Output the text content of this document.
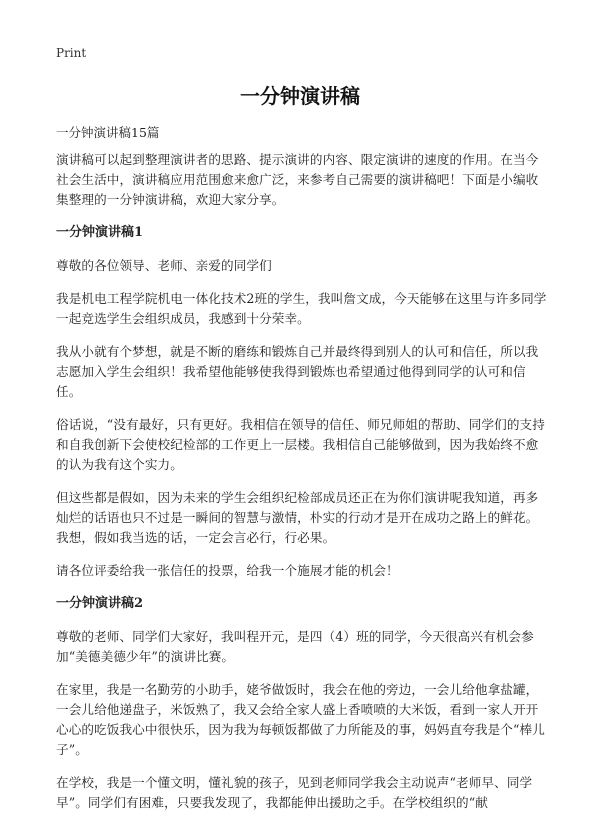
Print
一分钟演讲稿
一分钟演讲稿15篇

演讲稿可以起到整理演讲者的思路、提示演讲的内容、限定演讲的速度的作用。在当今社会生活中，演讲稿应用范围愈来愈广泛，来参考自己需要的演讲稿吧！下面是小编收集整理的一分钟演讲稿，欢迎大家分享。

一分钟演讲稿1

尊敬的各位领导、老师、亲爱的同学们

我是机电工程学院机电一体化技术2班的学生，我叫詹文成，今天能够在这里与许多同学一起竞选学生会组织成员，我感到十分荣幸。

我从小就有个梦想，就是不断的磨练和锻炼自己并最终得到别人的认可和信任，所以我志愿加入学生会组织！我希望他能够使我得到锻炼也希望通过他得到同学的认可和信任。

俗话说，“没有最好，只有更好。我相信在领导的信任、师兄师姐的帮助、同学们的支持和自我创新下会使校纪检部的工作更上一层楼。我相信自己能够做到，因为我始终不愈的认为我有这个实力。

但这些都是假如，因为未来的学生会组织纪检部成员还正在为你们演讲呢我知道，再多灿烂的话语也只不过是一瞬间的智慧与激情，朴实的行动才是开在成功之路上的鲜花。我想，假如我当选的话，一定会言必行，行必果。

请各位评委给我一张信任的投票，给我一个施展才能的机会！

一分钟演讲稿2

尊敬的老师、同学们大家好，我叫程开元，是四（4）班的同学，今天很高兴有机会参加“美德美德少年”的演讲比赛。

在家里，我是一名勤劳的小助手，姥爷做饭时，我会在他的旁边，一会儿给他拿盐罐，一会儿给他递盘子，米饭熟了，我又会给全家人盛上香喷喷的大米饭，看到一家人开开心心的吃饭我心中很快乐，因为我为每顿饭都做了力所能及的事，妈妈直夸我是个“棒儿子”。

在学校，我是一个懂文明，懂礼貌的孩子，见到老师同学我会主动说声“老师早、同学早”。同学们有困难，只要我发现了，我都能伸出援助之手。在学校组织的“献
